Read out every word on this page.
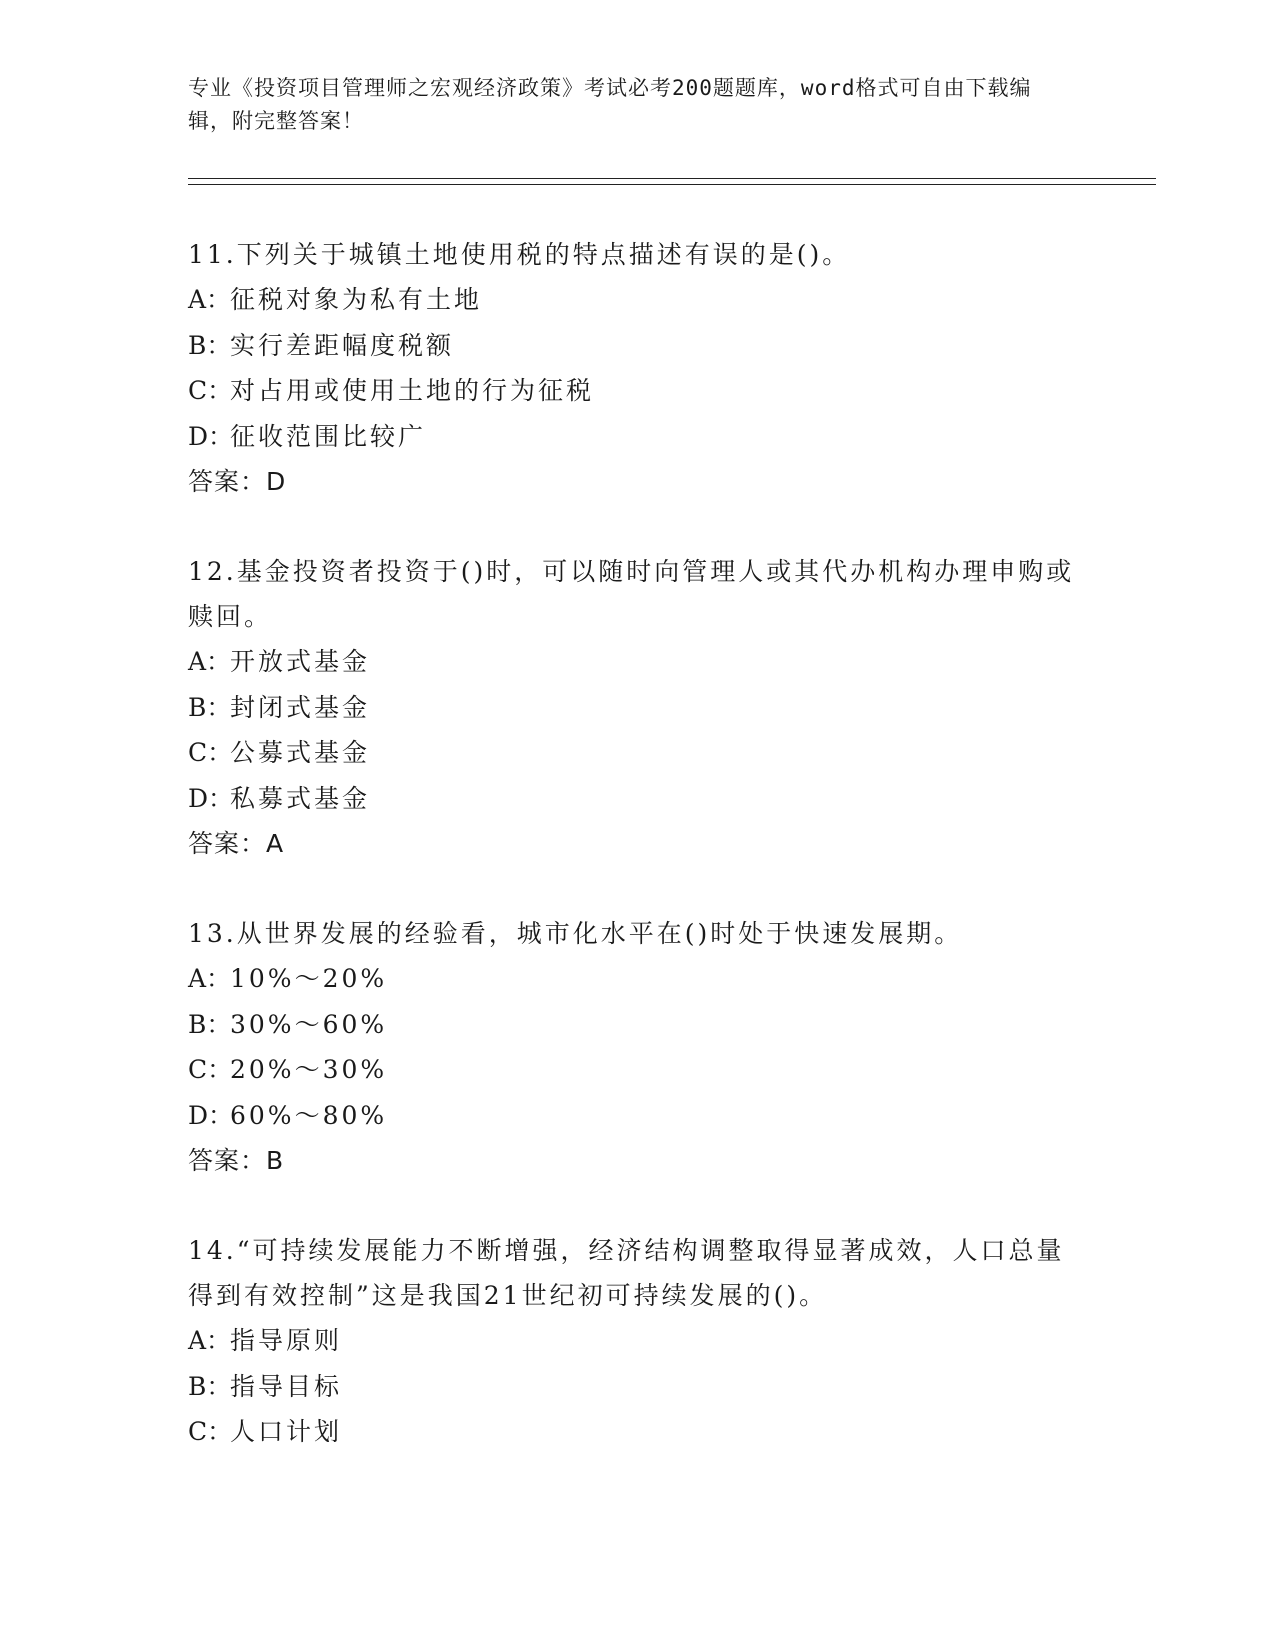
专业《投资项目管理师之宏观经济政策》考试必考200题题库，word格式可自由下载编辑，附完整答案！

11.下列关于城镇土地使用税的特点描述有误的是()。

A：征税对象为私有土地

B：实行差距幅度税额

C：对占用或使用土地的行为征税

D：征收范围比较广

答案：D

12.基金投资者投资于()时，可以随时向管理人或其代办机构办理申购或赎回。

A：开放式基金

B：封闭式基金

C：公募式基金

D：私募式基金

答案：A

13.从世界发展的经验看，城市化水平在()时处于快速发展期。

A：10%～20%

B：30%～60%

C：20%～30%

D：60%～80%

答案：B

14.“可持续发展能力不断增强，经济结构调整取得显著成效，人口总量得到有效控制”这是我国21世纪初可持续发展的()。

A：指导原则

B：指导目标

C：人口计划
